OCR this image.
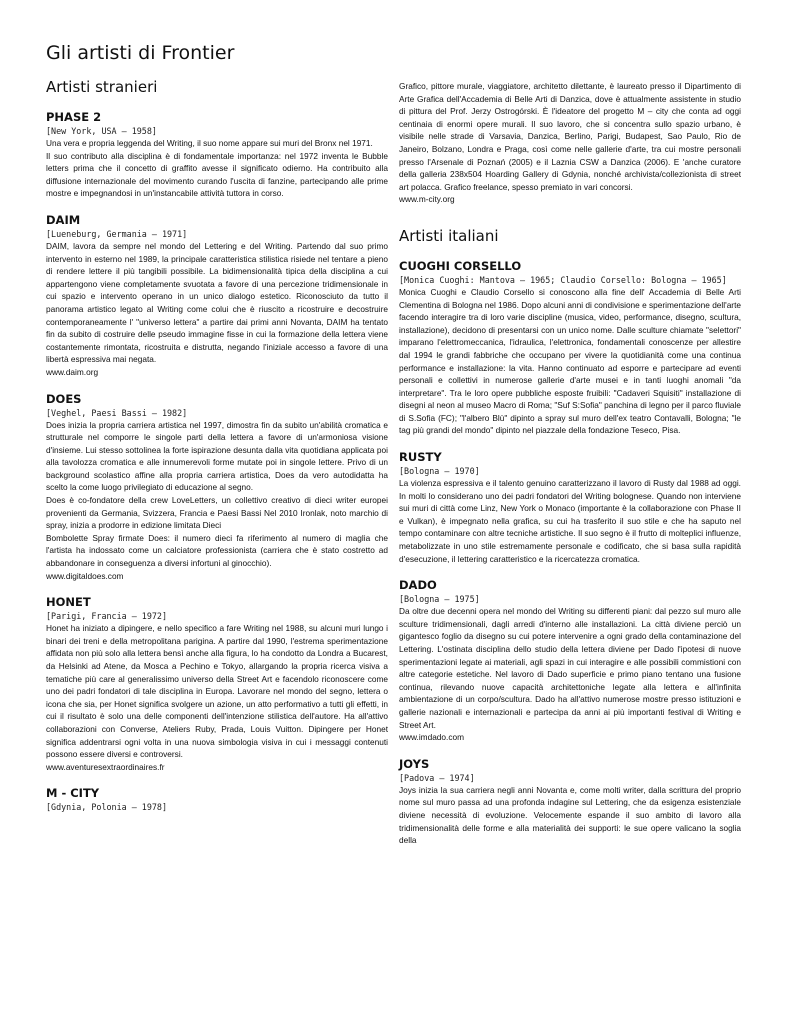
Gli artisti di Frontier
Artisti stranieri
PHASE 2
[New York, USA – 1958]

Una vera e propria leggenda del Writing, il suo nome appare sui muri del Bronx nel 1971.

Il suo contributo alla disciplina è di fondamentale importanza: nel 1972 inventa le Bubble letters prima che il concetto di graffito avesse il significato odierno. Ha contribuito alla diffusione internazionale del movimento curando l'uscita di fanzine, partecipando alle prime mostre e impegnandosi in un'instancabile attività tuttora in corso.

DAIM
[Lueneburg, Germania – 1971]

DAIM, lavora da sempre nel mondo del Lettering e del Writing. Partendo dal suo primo intervento in esterno nel 1989, la principale caratteristica stilistica risiede nel tentare a pieno di rendere lettere il più tangibili possibile. La bidimensionalità tipica della disciplina a cui appartengono viene completamente svuotata a favore di una percezione tridimensionale in cui spazio e intervento operano in un unico dialogo estetico. Riconosciuto da tutto il panorama artistico legato al Writing come colui che è riuscito a ricostruire e decostruire contemporaneamente l' "universo lettera" a partire dai primi anni Novanta, DAIM ha tentato fin da subito di costruire delle pseudo immagine fisse in cui la formazione della lettera viene costantemente rimontata, ricostruita e distrutta, negando l'iniziale accesso a favore di una libertà espressiva mai negata.

www.daim.org
DOES
[Veghel, Paesi Bassi – 1982]

Does inizia la propria carriera artistica nel 1997, dimostra fin da subito un'abilità cromatica e strutturale nel comporre le singole parti della lettera a favore di un'armoniosa visione d'insieme. Lui stesso sottolinea la forte ispirazione desunta dalla vita quotidiana applicata poi alla tavolozza cromatica e alle innumerevoli forme mutate poi in singole lettere. Privo di un background scolastico affine alla propria carriera artistica, Does da vero autodidatta ha scelto la come luogo privilegiato di educazione al segno.

Does è co-fondatore della crew LoveLetters, un collettivo creativo di dieci writer europei provenienti da Germania, Svizzera, Francia e Paesi Bassi Nel 2010 Ironlak, noto marchio di spray, inizia a prodorre in edizione limitata Dieci

Bombolette Spray firmate Does: il numero dieci fa riferimento al numero di maglia che l'artista ha indossato come un calciatore professionista (carriera che è stato costretto ad abbandonare in conseguenza a diversi infortuni al ginocchio).

www.digitaldoes.com
HONET
[Parigi, Francia – 1972]

Honet ha iniziato a dipingere, e nello specifico a fare Writing nel 1988, su alcuni muri lungo i binari dei treni e della metropolitana parigina. A partire dal 1990, l'estrema sperimentazione affidata non più solo alla lettera bensì anche alla figura, lo ha condotto da Londra a Bucarest, da Helsinki ad Atene, da Mosca a Pechino e Tokyo, allargando la propria ricerca visiva a tematiche più care al generalissimo universo della Street Art e facendolo riconoscere come uno dei padri fondatori di tale disciplina in Europa. Lavorare nel mondo del segno, lettera o icona che sia, per Honet significa svolgere un azione, un atto performativo a tutti gli effetti, in cui il risultato è solo una delle componenti dell'intenzione stilistica dell'autore. Ha all'attivo collaborazioni con Converse, Ateliers Ruby, Prada, Louis Vuitton. Dipingere per Honet significa addentrarsi ogni volta in una nuova simbologia visiva in cui i messaggi contenuti possono essere diversi e controversi.

www.aventuresextraordinaires.fr
M - CITY
[Gdynia, Polonia – 1978]

Grafico, pittore murale, viaggiatore, architetto dilettante, è laureato presso il Dipartimento di Arte Grafica dell'Accademia di Belle Arti di Danzica, dove è attualmente assistente in studio di pittura del Prof. Jerzy Ostrogórski. È l'ideatore del progetto M – city che conta ad oggi centinaia di enormi opere murali. Il suo lavoro, che si concentra sullo spazio urbano, è visibile nelle strade di Varsavia, Danzica, Berlino, Parigi, Budapest, Sao Paulo, Rio de Janeiro, Bolzano, Londra e Praga, così come nelle gallerie d'arte, tra cui mostre personali presso l'Arsenale di Poznań (2005) e il Laznia CSW a Danzica (2006). E 'anche curatore della galleria 238x504 Hoarding Gallery di Gdynia, nonché archivista/collezionista di street art polacca. Grafico freelance, spesso premiato in vari concorsi.

www.m-city.org
Artisti italiani
CUOGHI CORSELLO
[Monica Cuoghi: Mantova – 1965; Claudio Corsello: Bologna – 1965]

Monica Cuoghi e Claudio Corsello si conoscono alla fine dell' Accademia di Belle Arti Clementina di Bologna nel 1986. Dopo alcuni anni di condivisione e sperimentazione dell'arte facendo interagire tra di loro varie discipline (musica, video, performance, disegno, scultura, installazione), decidono di presentarsi con un unico nome. Dalle sculture chiamate "selettori" imparano l'elettromeccanica, l'idraulica, l'elettronica, fondamentali conoscenze per allestire dal 1994 le grandi fabbriche che occupano per vivere la quotidianità come una continua performance e installazione: la vita. Hanno continuato ad esporre e partecipare ad eventi personali e collettivi in numerose gallerie d'arte musei e in tanti luoghi anomali "da interpretare". Tra le loro opere pubbliche esposte fruibili: "Cadaveri Squisiti" installazione di disegni al neon al museo Macro di Roma; "Suf S:Sofia" panchina di legno per il parco fluviale di S.Sofia (FC); "l'albero Blù" dipinto a spray sul muro dell'ex teatro Contavalli, Bologna; "le tag più grandi del mondo" dipinto nel piazzale della fondazione Teseco, Pisa.

RUSTY
[Bologna – 1970]

La violenza espressiva e il talento genuino caratterizzano il lavoro di Rusty dal 1988 ad oggi. In molti lo considerano uno dei padri fondatori del Writing bolognese. Quando non interviene sui muri di città come Linz, New York o Monaco (importante è la collaborazione con Phase II e Vulkan), è impegnato nella grafica, su cui ha trasferito il suo stile e che ha saputo nel tempo contaminare con altre tecniche artistiche. Il suo segno è il frutto di molteplici influenze, metabolizzate in uno stile estremamente personale e codificato, che si basa sulla rapidità d'esecuzione, il lettering caratteristico e la ricercatezza cromatica.

DADO
[Bologna – 1975]

Da oltre due decenni opera nel mondo del Writing su differenti piani: dal pezzo sul muro alle sculture tridimensionali, dagli arredi d'interno alle installazioni. La città diviene perciò un gigantesco foglio da disegno su cui potere intervenire a ogni grado della contaminazione del Lettering. L'ostinata disciplina dello studio della lettera diviene per Dado l'ipotesi di nuove sperimentazioni legate ai materiali, agli spazi in cui interagire e alle possibili commistioni con altre categorie estetiche. Nel lavoro di Dado superficie e primo piano tentano una fusione continua, rilevando nuove capacità architettoniche legate alla lettera e all'infinita ambientazione di un corpo/scultura. Dado ha all'attivo numerose mostre presso istituzioni e gallerie nazionali e internazionali e partecipa da anni ai più importanti festival di Writing e Street Art.

www.imdado.com
JOYS
[Padova – 1974]

Joys inizia la sua carriera negli anni Novanta e, come molti writer, dalla scrittura del proprio nome sul muro passa ad una profonda indagine sul Lettering, che da esigenza esistenziale diviene necessità di evoluzione. Velocemente espande il suo ambito di lavoro alla tridimensionalità delle forme e alla materialità dei supporti: le sue opere valicano la soglia della
